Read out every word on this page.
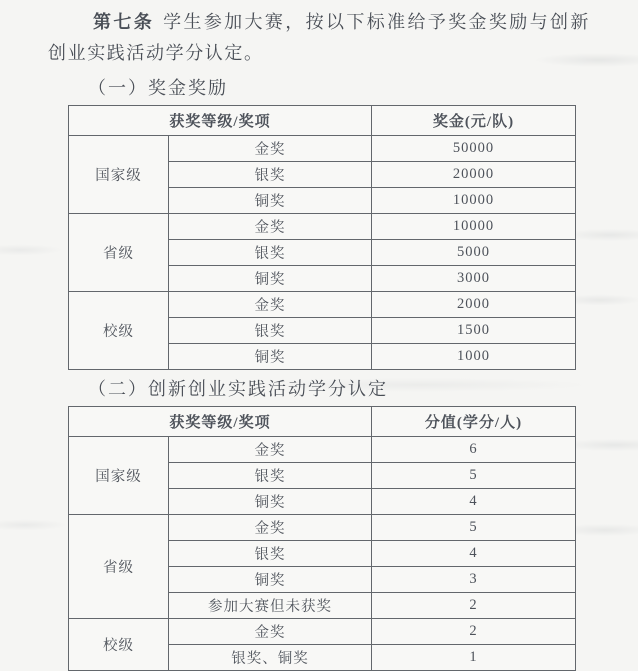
第七条 学生参加大赛，按以下标准给予奖金奖励与创新创业实践活动学分认定。

（一）奖金奖励
获奖等级/奖项		奖金(元/队)
国家级	金奖	50000
	银奖	20000
	铜奖	10000
省级	金奖	10000
	银奖	5000
	铜奖	3000
校级	金奖	2000
	银奖	1500
	铜奖	1000
（二）创新创业实践活动学分认定
获奖等级/奖项		分值(学分/人)
国家级	金奖	6
	银奖	5
	铜奖	4
省级	金奖	5
	银奖	4
	铜奖	3
	参加大赛但未获奖	2
校级	金奖	2
	银奖、铜奖	1
